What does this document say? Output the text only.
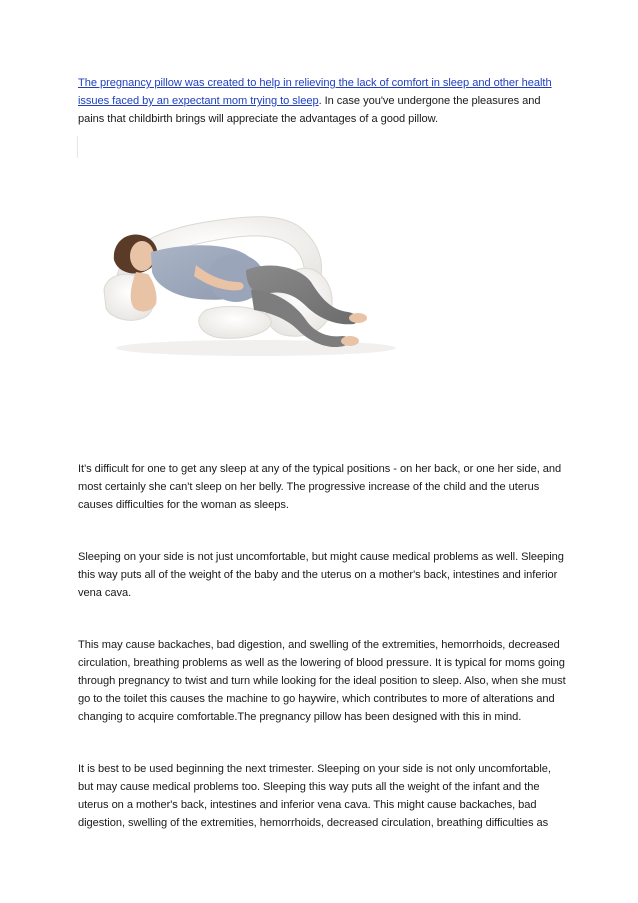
The pregnancy pillow was created to help in relieving the lack of comfort in sleep and other health issues faced by an expectant mom trying to sleep. In case you've undergone the pleasures and pains that childbirth brings will appreciate the advantages of a good pillow.

It's difficult for one to get any sleep at any of the typical positions - on her back, or one her side, and most certainly she can't sleep on her belly. The progressive increase of the child and the uterus causes difficulties for the woman as sleeps.

Sleeping on your side is not just uncomfortable, but might cause medical problems as well. Sleeping this way puts all of the weight of the baby and the uterus on a mother's back, intestines and inferior vena cava.

This may cause backaches, bad digestion, and swelling of the extremities, hemorrhoids, decreased circulation, breathing problems as well as the lowering of blood pressure. It is typical for moms going through pregnancy to twist and turn while looking for the ideal position to sleep. Also, when she must go to the toilet this causes the machine to go haywire, which contributes to more of alterations and changing to acquire comfortable.The pregnancy pillow has been designed with this in mind.

It is best to be used beginning the next trimester. Sleeping on your side is not only uncomfortable, but may cause medical problems too. Sleeping this way puts all the weight of the infant and the uterus on a mother's back, intestines and inferior vena cava. This might cause backaches, bad digestion, swelling of the extremities, hemorrhoids, decreased circulation, breathing difficulties as
